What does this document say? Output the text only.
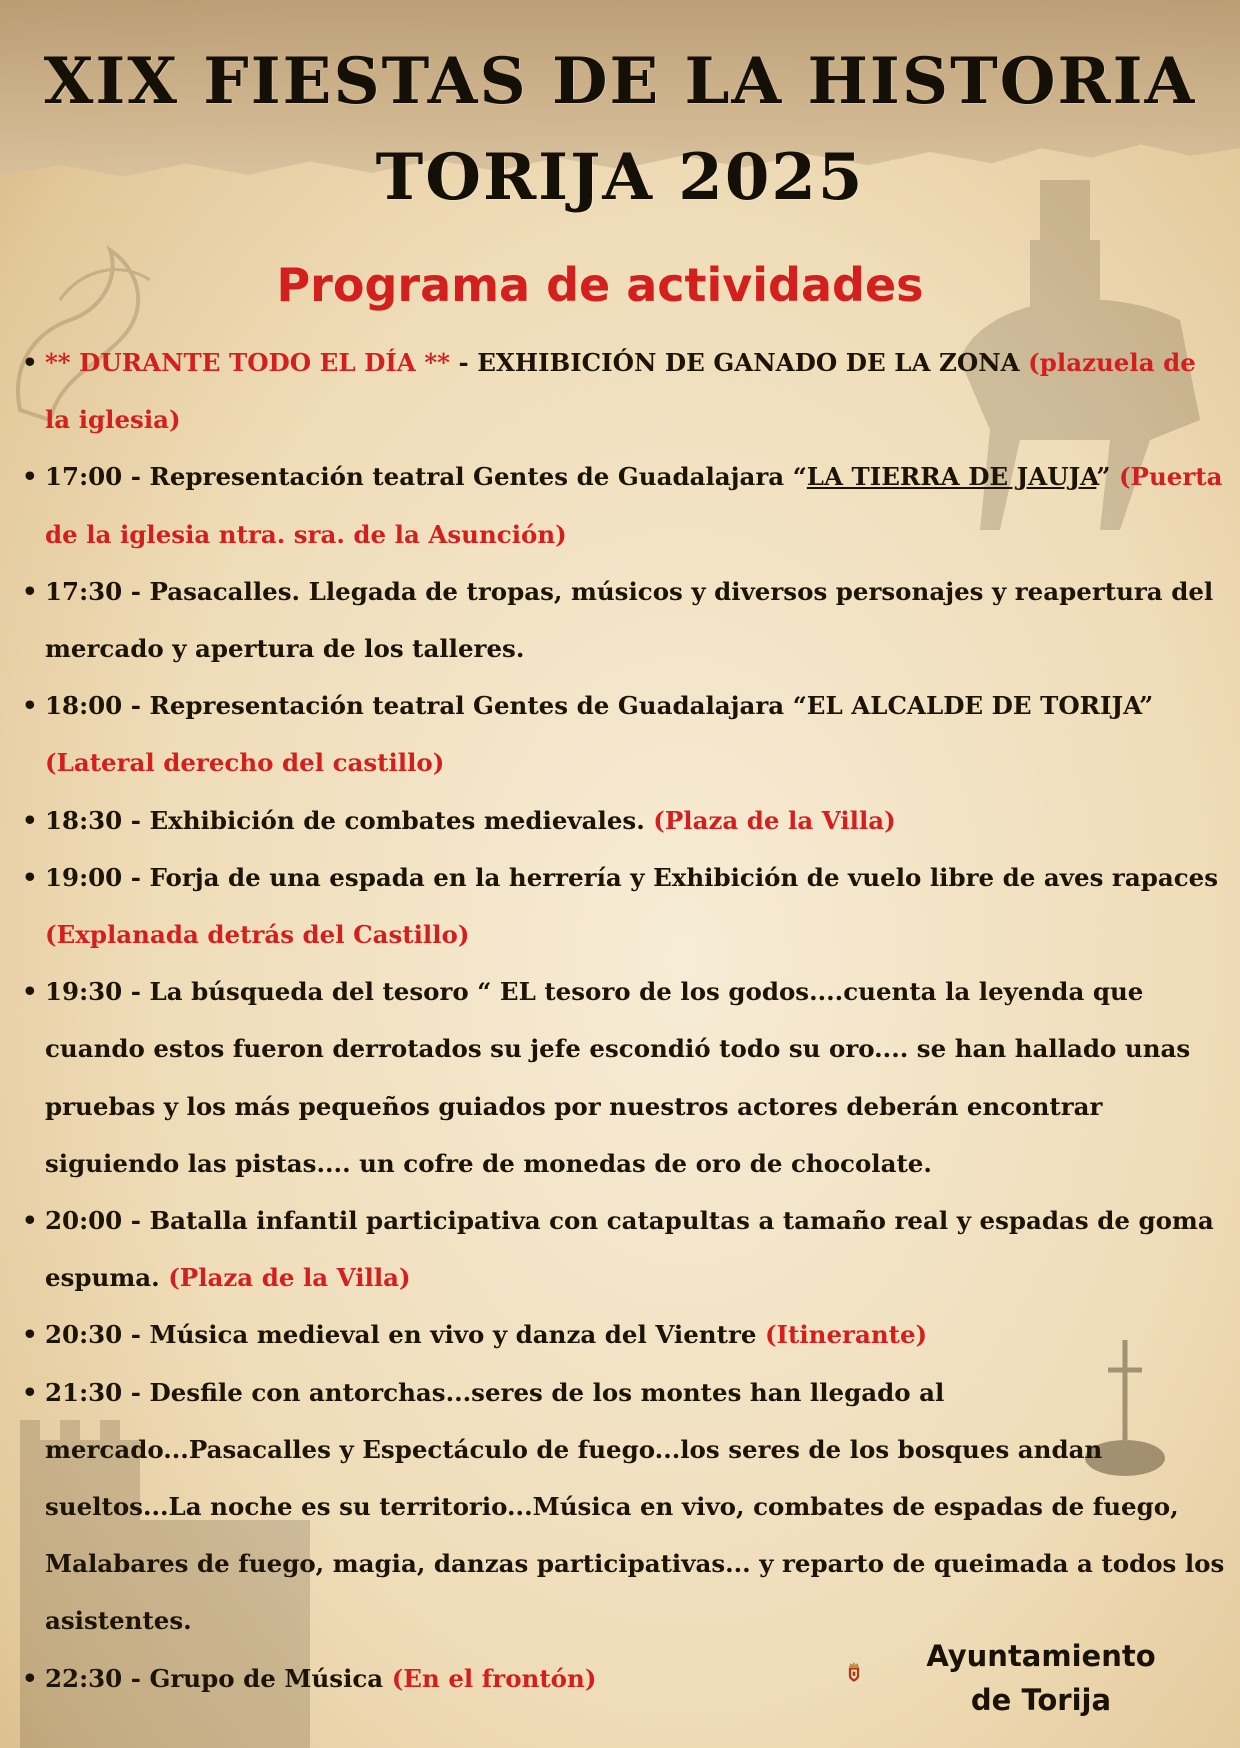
XIX FIESTAS DE LA HISTORIA
TORIJA 2025
Programa de actividades
• ** DURANTE TODO EL DÍA ** - EXHIBICIÓN DE GANADO DE LA ZONA (plazuela de la iglesia)
• 17:00 - Representación teatral Gentes de Guadalajara “LA TIERRA DE JAUJA” (Puerta de la iglesia ntra. sra. de la Asunción)
• 17:30 - Pasacalles. Llegada de tropas, músicos y diversos personajes y reapertura del mercado y apertura de los talleres.
• 18:00 - Representación teatral Gentes de Guadalajara “EL ALCALDE DE TORIJA” (Lateral derecho del castillo)
• 18:30 - Exhibición de combates medievales. (Plaza de la Villa)
• 19:00 - Forja de una espada en la herrería y Exhibición de vuelo libre de aves rapaces (Explanada detrás del Castillo)
• 19:30 - La búsqueda del tesoro “ EL tesoro de los godos....cuenta la leyenda que cuando estos fueron derrotados su jefe escondió todo su oro.... se han hallado unas pruebas y los más pequeños guiados por nuestros actores deberán encontrar siguiendo las pistas.... un cofre de monedas de oro de chocolate.
• 20:00 - Batalla infantil participativa con catapultas a tamaño real y espadas de goma espuma. (Plaza de la Villa)
• 20:30 - Música medieval en vivo y danza del Vientre (Itinerante)
• 21:30 - Desfile con antorchas...seres de los montes han llegado al mercado...Pasacalles y Espectáculo de fuego...los seres de los bosques andan sueltos...La noche es su territorio...Música en vivo, combates de espadas de fuego, Malabares de fuego, magia, danzas participativas... y reparto de queimada a todos los asistentes.
• 22:30 - Grupo de Música (En el frontón)
Ayuntamiento
de Torija
